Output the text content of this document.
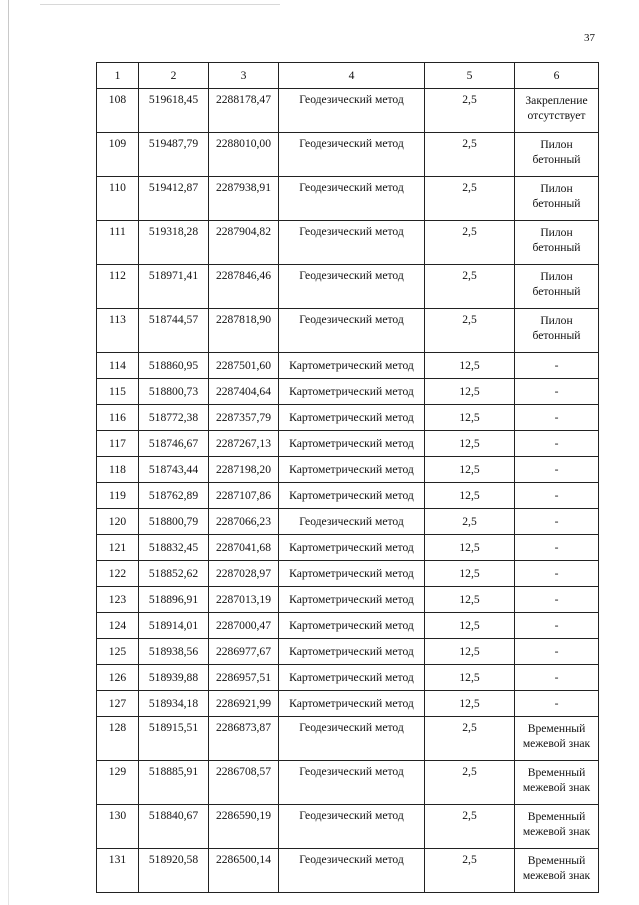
37
1	2	3	4	5	6
108	519618,45	2288178,47	Геодезический метод	2,5	Закрепление
отсутствует

109	519487,79	2288010,00	Геодезический метод	2,5	Пилон
бетонный

110	519412,87	2287938,91	Геодезический метод	2,5	Пилон
бетонный

111	519318,28	2287904,82	Геодезический метод	2,5	Пилон
бетонный

112	518971,41	2287846,46	Геодезический метод	2,5	Пилон
бетонный

113	518744,57	2287818,90	Геодезический метод	2,5	Пилон
бетонный

114	518860,95	2287501,60	Картометрический метод	12,5	-

115	518800,73	2287404,64	Картометрический метод	12,5	-

116	518772,38	2287357,79	Картометрический метод	12,5	-

117	518746,67	2287267,13	Картометрический метод	12,5	-

118	518743,44	2287198,20	Картометрический метод	12,5	-

119	518762,89	2287107,86	Картометрический метод	12,5	-

120	518800,79	2287066,23	Геодезический метод	2,5	-

121	518832,45	2287041,68	Картометрический метод	12,5	-

122	518852,62	2287028,97	Картометрический метод	12,5	-

123	518896,91	2287013,19	Картометрический метод	12,5	-

124	518914,01	2287000,47	Картометрический метод	12,5	-

125	518938,56	2286977,67	Картометрический метод	12,5	-

126	518939,88	2286957,51	Картометрический метод	12,5	-

127	518934,18	2286921,99	Картометрический метод	12,5	-

128	518915,51	2286873,87	Геодезический метод	2,5	Временный
межевой знак

129	518885,91	2286708,57	Геодезический метод	2,5	Временный
межевой знак

130	518840,67	2286590,19	Геодезический метод	2,5	Временный
межевой знак

131	518920,58	2286500,14	Геодезический метод	2,5	Временный
межевой знак
